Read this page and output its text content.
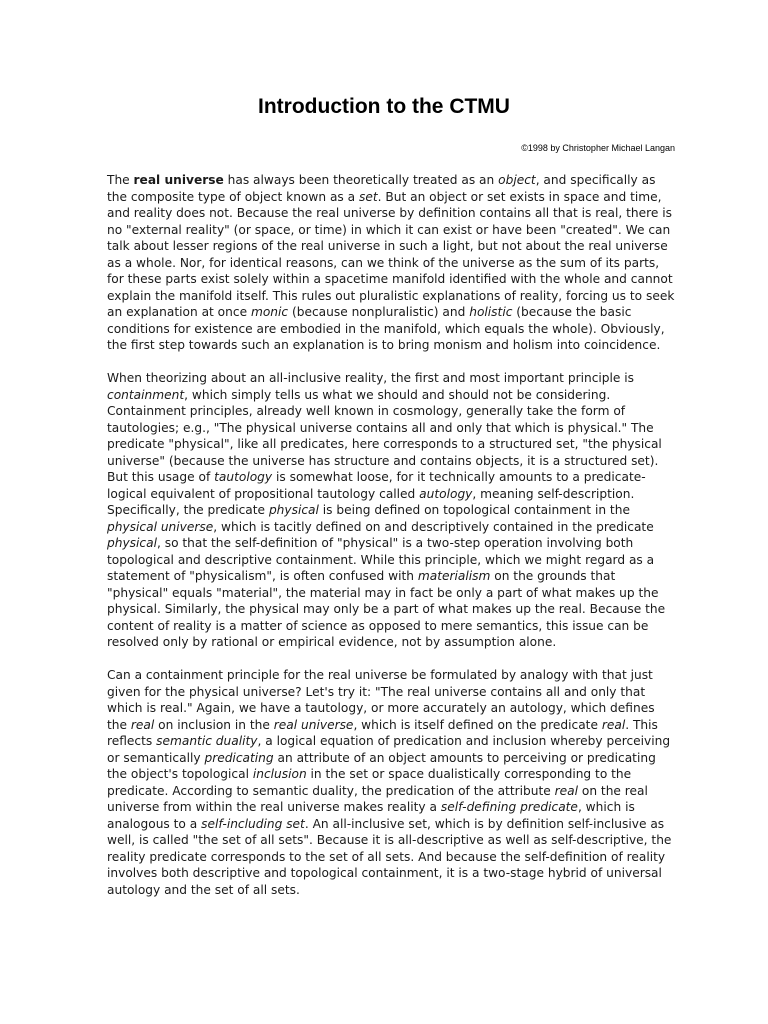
Introduction to the CTMU
©1998 by Christopher Michael Langan

The real universe has always been theoretically treated as an object, and specifically as the composite type of object known as a set. But an object or set exists in space and time, and reality does not. Because the real universe by definition contains all that is real, there is no "external reality" (or space, or time) in which it can exist or have been "created". We can talk about lesser regions of the real universe in such a light, but not about the real universe as a whole. Nor, for identical reasons, can we think of the universe as the sum of its parts, for these parts exist solely within a spacetime manifold identified with the whole and cannot explain the manifold itself. This rules out pluralistic explanations of reality, forcing us to seek an explanation at once monic (because nonpluralistic) and holistic (because the basic conditions for existence are embodied in the manifold, which equals the whole). Obviously, the first step towards such an explanation is to bring monism and holism into coincidence.

When theorizing about an all-inclusive reality, the first and most important principle is containment, which simply tells us what we should and should not be considering. Containment principles, already well known in cosmology, generally take the form of tautologies; e.g., "The physical universe contains all and only that which is physical." The predicate "physical", like all predicates, here corresponds to a structured set, "the physical universe" (because the universe has structure and contains objects, it is a structured set). But this usage of tautology is somewhat loose, for it technically amounts to a predicate-logical equivalent of propositional tautology called autology, meaning self-description. Specifically, the predicate physical is being defined on topological containment in the physical universe, which is tacitly defined on and descriptively contained in the predicate physical, so that the self-definition of "physical" is a two-step operation involving both topological and descriptive containment. While this principle, which we might regard as a statement of "physicalism", is often confused with materialism on the grounds that "physical" equals "material", the material may in fact be only a part of what makes up the physical. Similarly, the physical may only be a part of what makes up the real. Because the content of reality is a matter of science as opposed to mere semantics, this issue can be resolved only by rational or empirical evidence, not by assumption alone.

Can a containment principle for the real universe be formulated by analogy with that just given for the physical universe? Let's try it: "The real universe contains all and only that which is real." Again, we have a tautology, or more accurately an autology, which defines the real on inclusion in the real universe, which is itself defined on the predicate real. This reflects semantic duality, a logical equation of predication and inclusion whereby perceiving or semantically predicating an attribute of an object amounts to perceiving or predicating the object's topological inclusion in the set or space dualistically corresponding to the predicate. According to semantic duality, the predication of the attribute real on the real universe from within the real universe makes reality a self-defining predicate, which is analogous to a self-including set. An all-inclusive set, which is by definition self-inclusive as well, is called "the set of all sets". Because it is all-descriptive as well as self-descriptive, the reality predicate corresponds to the set of all sets. And because the self-definition of reality involves both descriptive and topological containment, it is a two-stage hybrid of universal autology and the set of all sets.
